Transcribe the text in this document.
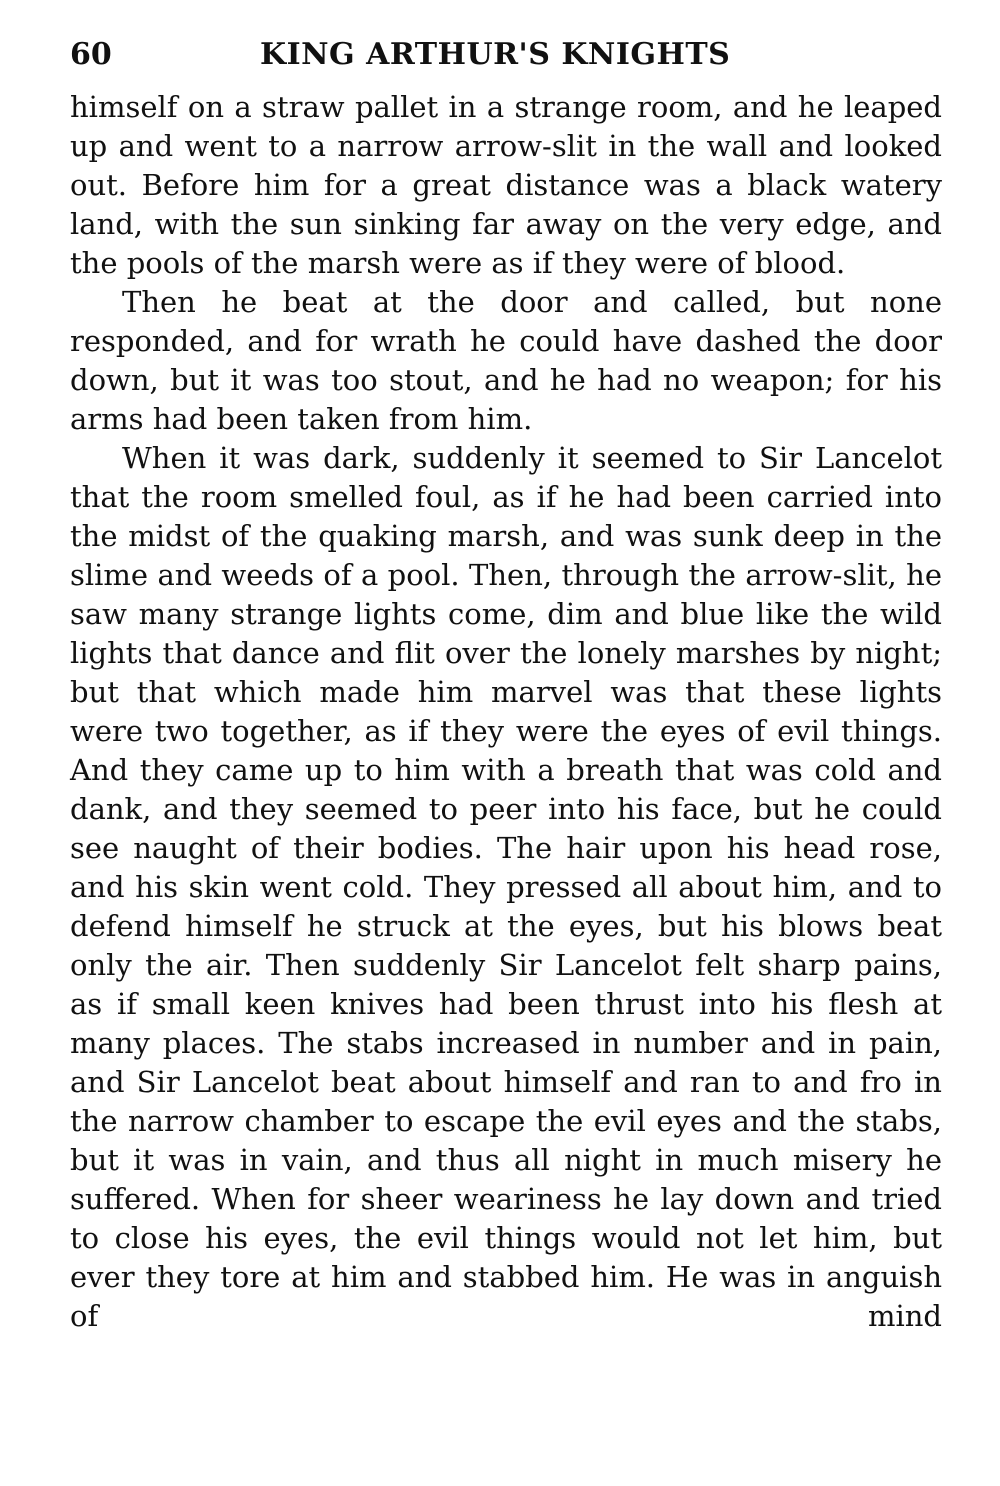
60	KING ARTHUR'S KNIGHTS

himself on a straw pallet in a strange room, and he leaped up and went to a narrow arrow-slit in the wall and looked out. Before him for a great distance was a black watery land, with the sun sinking far away on the very edge, and the pools of the marsh were as if they were of blood.

Then he beat at the door and called, but none responded, and for wrath he could have dashed the door down, but it was too stout, and he had no weapon; for his arms had been taken from him.

When it was dark, suddenly it seemed to Sir Lancelot that the room smelled foul, as if he had been carried into the midst of the quaking marsh, and was sunk deep in the slime and weeds of a pool. Then, through the arrow-slit, he saw many strange lights come, dim and blue like the wild lights that dance and flit over the lonely marshes by night; but that which made him marvel was that these lights were two together, as if they were the eyes of evil things. And they came up to him with a breath that was cold and dank, and they seemed to peer into his face, but he could see naught of their bodies. The hair upon his head rose, and his skin went cold. They pressed all about him, and to defend himself he struck at the eyes, but his blows beat only the air. Then suddenly Sir Lancelot felt sharp pains, as if small keen knives had been thrust into his flesh at many places. The stabs increased in number and in pain, and Sir Lancelot beat about himself and ran to and fro in the narrow chamber to escape the evil eyes and the stabs, but it was in vain, and thus all night in much misery he suffered. When for sheer weariness he lay down and tried to close his eyes, the evil things would not let him, but ever they tore at him and stabbed him. He was in anguish of mind
